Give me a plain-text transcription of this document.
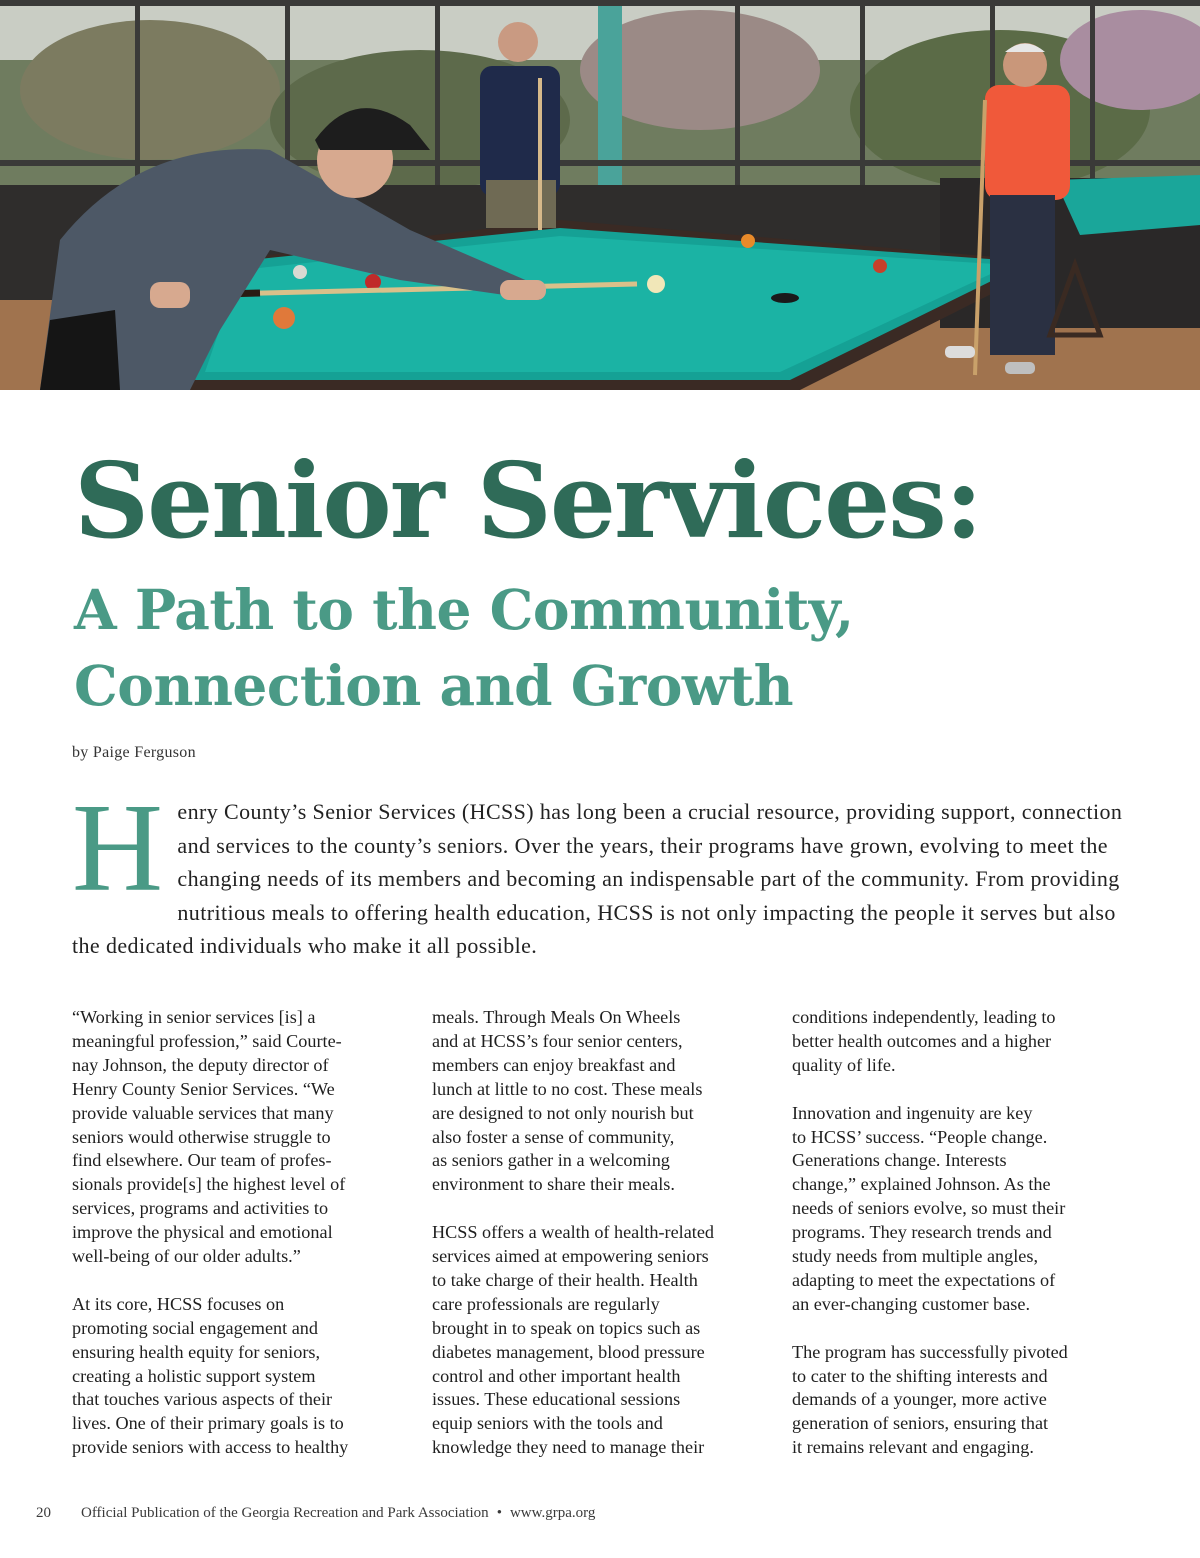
Senior Services:
A Path to the Community, Connection and Growth
by Paige Ferguson

Henry County’s Senior Services (HCSS) has long been a crucial resource, providing support, connection and services to the county’s seniors. Over the years, their programs have grown, evolving to meet the changing needs of its members and becoming an indispensable part of the community. From providing nutritious meals to offering health education, HCSS is not only impacting the people it serves but also the dedicated individuals who make it all possible.

“Working in senior services [is] a
meaningful profession,” said Courte-
nay Johnson, the deputy director of
Henry County Senior Services. “We
provide valuable services that many
seniors would otherwise struggle to
find elsewhere. Our team of profes-
sionals provide[s] the highest level of
services, programs and activities to
improve the physical and emotional
well-being of our older adults.”

At its core, HCSS focuses on
promoting social engagement and
ensuring health equity for seniors,
creating a holistic support system
that touches various aspects of their
lives. One of their primary goals is to
provide seniors with access to healthy

meals. Through Meals On Wheels
and at HCSS’s four senior centers,
members can enjoy breakfast and
lunch at little to no cost. These meals
are designed to not only nourish but
also foster a sense of community,
as seniors gather in a welcoming
environment to share their meals.

HCSS offers a wealth of health-related
services aimed at empowering seniors
to take charge of their health. Health
care professionals are regularly
brought in to speak on topics such as
diabetes management, blood pressure
control and other important health
issues. These educational sessions
equip seniors with the tools and
knowledge they need to manage their

conditions independently, leading to
better health outcomes and a higher
quality of life.

Innovation and ingenuity are key
to HCSS’ success. “People change.
Generations change. Interests
change,” explained Johnson. As the
needs of seniors evolve, so must their
programs. They research trends and
study needs from multiple angles,
adapting to meet the expectations of
an ever-changing customer base.

The program has successfully pivoted
to cater to the shifting interests and
demands of a younger, more active
generation of seniors, ensuring that
it remains relevant and engaging.

20 Official Publication of the Georgia Recreation and Park Association • www.grpa.org
